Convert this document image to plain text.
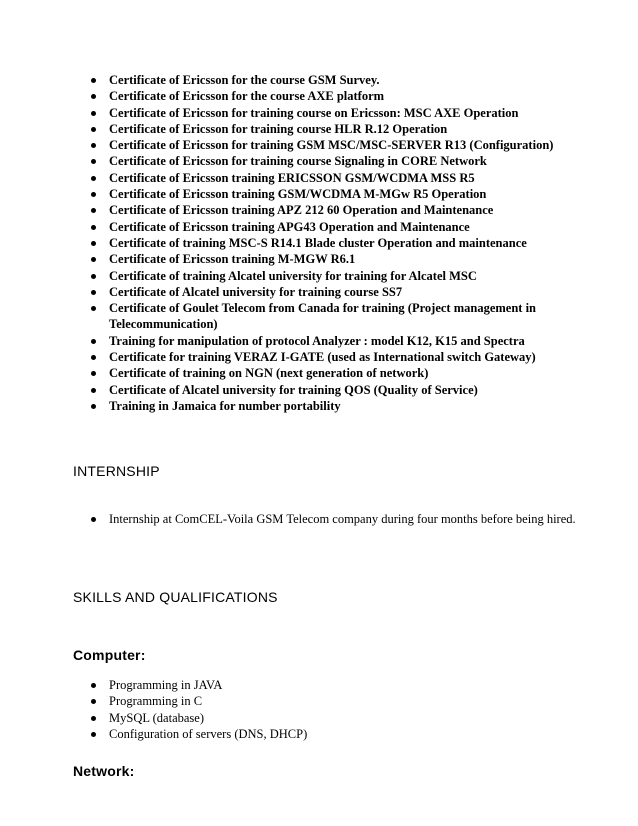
Certificate of Ericsson for the course GSM Survey.
Certificate of Ericsson for the course AXE platform
Certificate of Ericsson for training course on Ericsson: MSC AXE Operation
Certificate of Ericsson for training course HLR R.12 Operation
Certificate of Ericsson for training GSM MSC/MSC-SERVER R13 (Configuration)
Certificate of Ericsson for training course Signaling in CORE Network
Certificate of Ericsson training ERICSSON GSM/WCDMA MSS R5
Certificate of Ericsson training GSM/WCDMA M-MGw R5 Operation
Certificate of Ericsson training APZ 212 60 Operation and Maintenance
Certificate of Ericsson training APG43 Operation and Maintenance
Certificate of training MSC-S R14.1 Blade cluster Operation and maintenance
Certificate of Ericsson training M-MGW R6.1
Certificate of training Alcatel university for training for Alcatel MSC
Certificate of Alcatel university for training course SS7
Certificate of Goulet Telecom from Canada for training (Project management in Telecommunication)
Training for manipulation of protocol Analyzer : model K12, K15 and Spectra
Certificate for training VERAZ I-GATE (used as International switch Gateway)
Certificate of training on NGN (next generation of network)
Certificate of Alcatel university for training QOS (Quality of Service)
Training in Jamaica for number portability
INTERNSHIP
Internship at ComCEL-Voila GSM Telecom company during four months before being hired.
SKILLS AND QUALIFICATIONS
Computer:
Programming in JAVA
Programming in C
MySQL (database)
Configuration of servers (DNS, DHCP)
Network:
